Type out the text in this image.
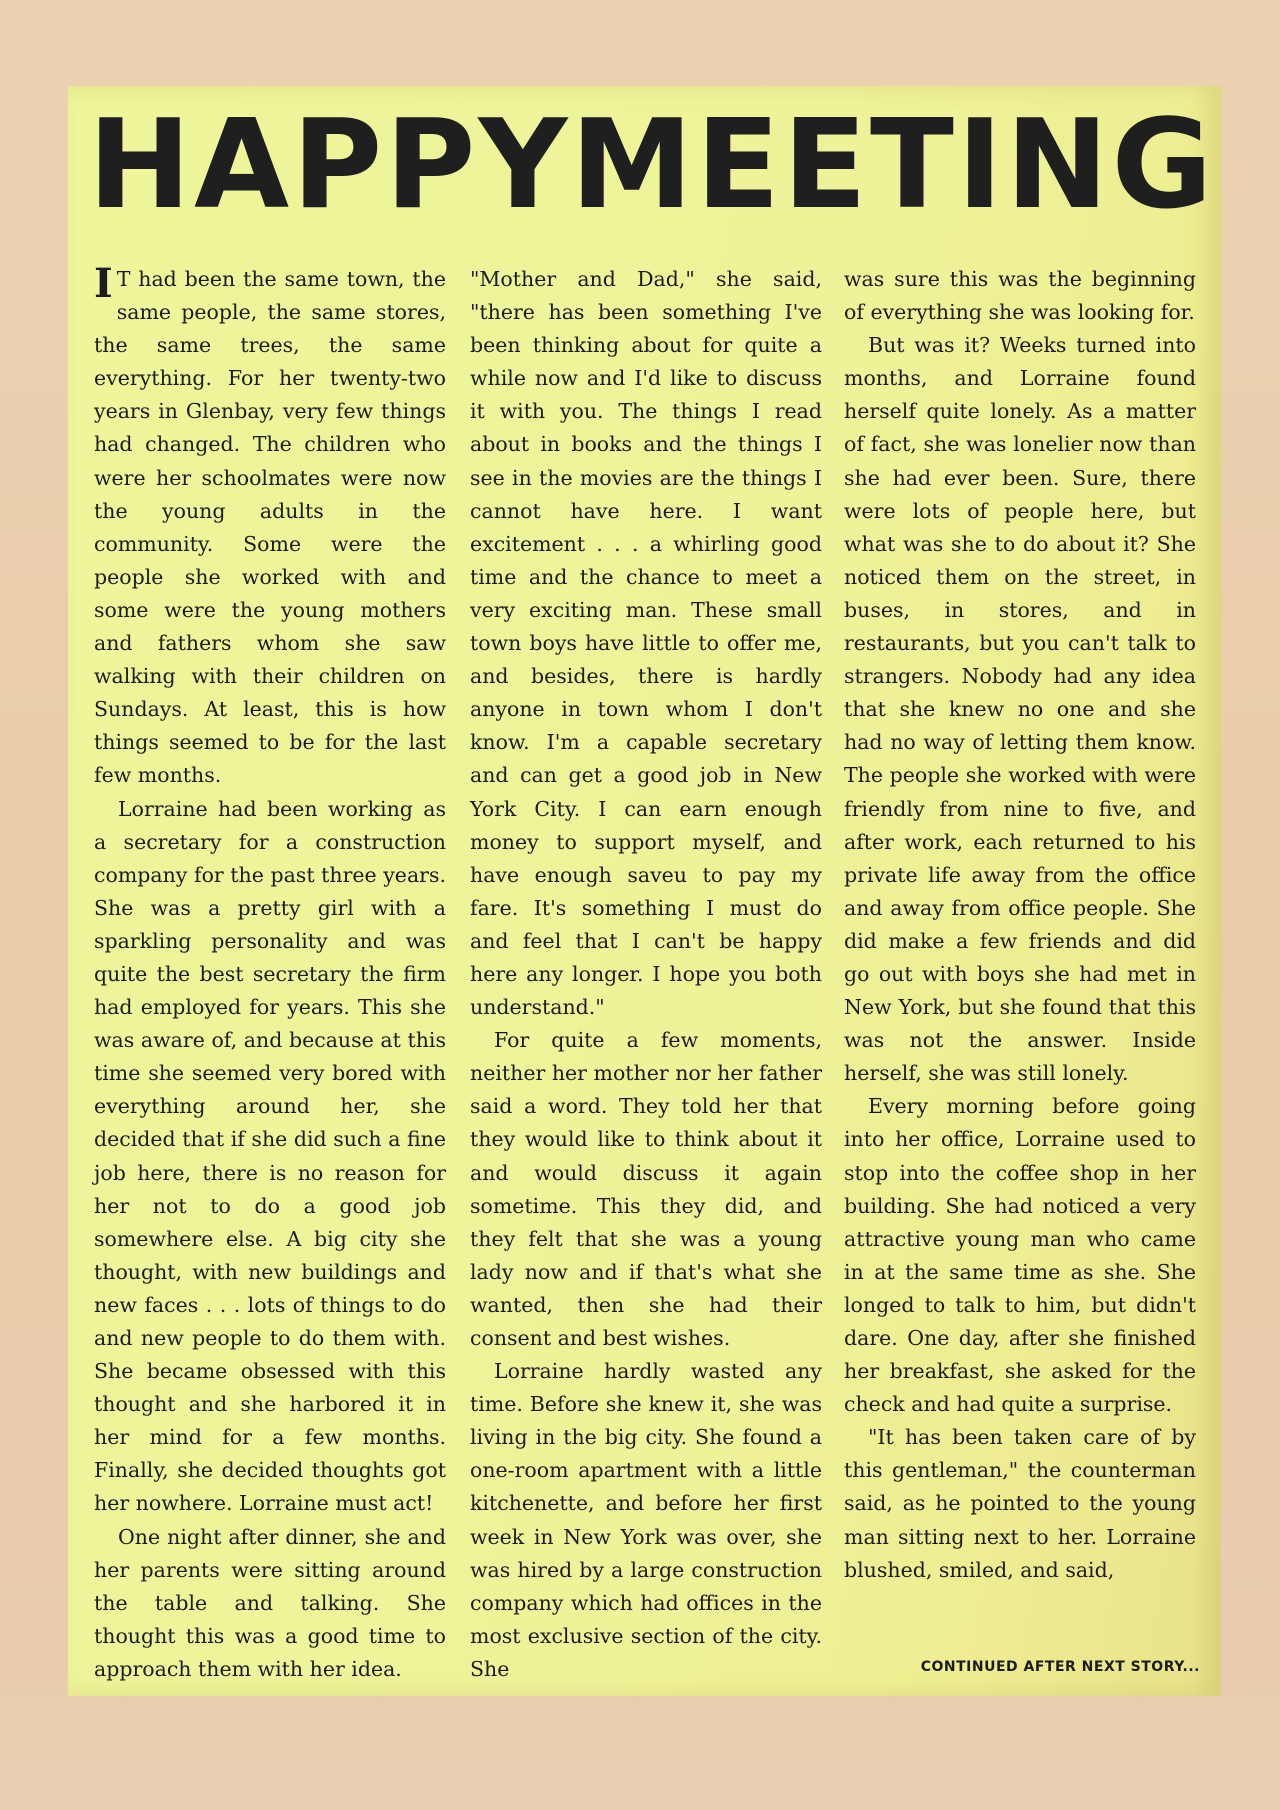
HAPPY MEETING

I T had been the same town, the same people, the same stores, the same trees, the same everything. For her twenty-two years in Glenbay, very few things had changed. The children who were her schoolmates were now the young adults in the community. Some were the people she worked with and some were the young mothers and fathers whom she saw walking with their children on Sundays. At least, this is how things seemed to be for the last few months.

Lorraine had been working as a secretary for a construction company for the past three years. She was a pretty girl with a sparkling personality and was quite the best secretary the firm had employed for years. This she was aware of, and because at this time she seemed very bored with everything around her, she decided that if she did such a fine job here, there is no reason for her not to do a good job somewhere else. A big city she thought, with new buildings and new faces . . . lots of things to do and new people to do them with. She became obsessed with this thought and she harbored it in her mind for a few months. Finally, she decided thoughts got her nowhere. Lorraine must act!

One night after dinner, she and her parents were sitting around the table and talking. She thought this was a good time to approach them with her idea.

"Mother and Dad," she said, "there has been something I've been thinking about for quite a while now and I'd like to discuss it with you. The things I read about in books and the things I see in the movies are the things I cannot have here. I want excitement . . . a whirling good time and the chance to meet a very exciting man. These small town boys have little to offer me, and besides, there is hardly anyone in town whom I don't know. I'm a capable secretary and can get a good job in New York City. I can earn enough money to support myself, and have enough saveu to pay my fare. It's something I must do and feel that I can't be happy here any longer. I hope you both understand."

For quite a few moments, neither her mother nor her father said a word. They told her that they would like to think about it and would discuss it again sometime. This they did, and they felt that she was a young lady now and if that's what she wanted, then she had their consent and best wishes.

Lorraine hardly wasted any time. Before she knew it, she was living in the big city. She found a one-room apartment with a little kitchenette, and before her first week in New York was over, she was hired by a large construction company which had offices in the most exclusive section of the city. She

was sure this was the beginning of everything she was looking for.

But was it? Weeks turned into months, and Lorraine found herself quite lonely. As a matter of fact, she was lonelier now than she had ever been. Sure, there were lots of people here, but what was she to do about it? She noticed them on the street, in buses, in stores, and in restaurants, but you can't talk to strangers. Nobody had any idea that she knew no one and she had no way of letting them know. The people she worked with were friendly from nine to five, and after work, each returned to his private life away from the office and away from office people. She did make a few friends and did go out with boys she had met in New York, but she found that this was not the answer. Inside herself, she was still lonely.

Every morning before going into her office, Lorraine used to stop into the coffee shop in her building. She had noticed a very attractive young man who came in at the same time as she. She longed to talk to him, but didn't dare. One day, after she finished her breakfast, she asked for the check and had quite a surprise.

"It has been taken care of by this gentleman," the counterman said, as he pointed to the young man sitting next to her. Lorraine blushed, smiled, and said,

CONTINUED AFTER NEXT STORY...
